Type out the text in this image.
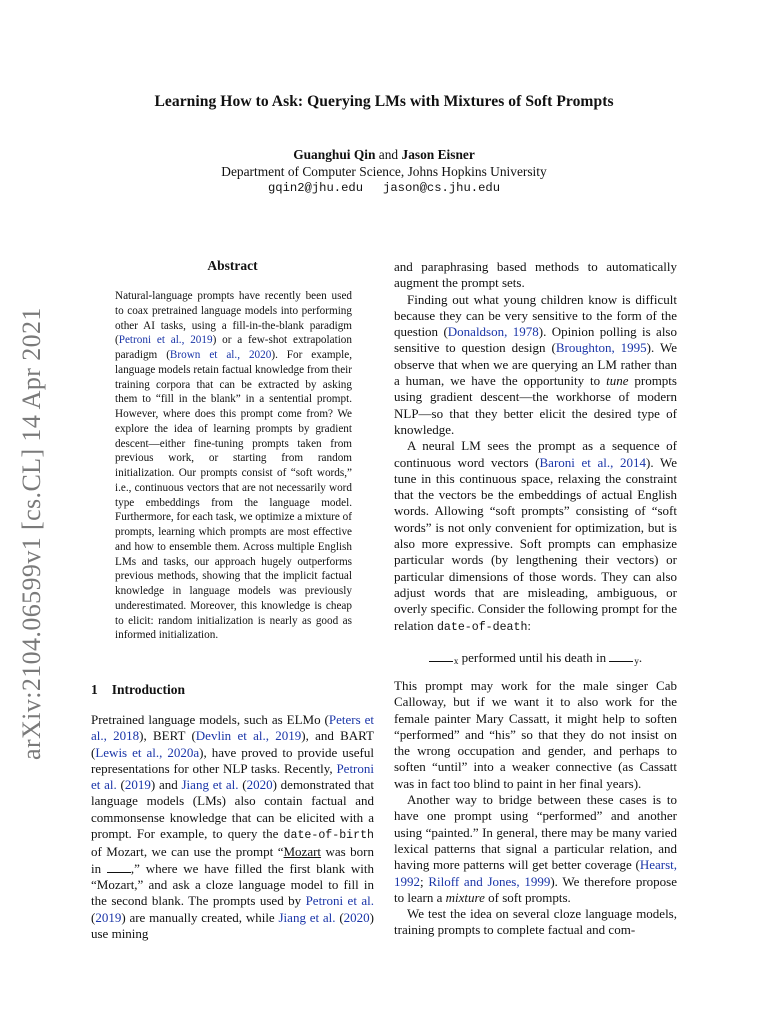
arXiv:2104.06599v1 [cs.CL] 14 Apr 2021
Learning How to Ask: Querying LMs with Mixtures of Soft Prompts
Guanghui Qin and Jason Eisner
Department of Computer Science, Johns Hopkins University
gqin2@jhu.edu jason@cs.jhu.edu
Abstract
Natural-language prompts have recently been used to coax pretrained language models into performing other AI tasks, using a fill-in-the-blank paradigm (Petroni et al., 2019) or a few-shot extrapolation paradigm (Brown et al., 2020). For example, language models retain factual knowledge from their training corpora that can be extracted by asking them to “fill in the blank” in a sentential prompt. However, where does this prompt come from? We explore the idea of learning prompts by gradient descent—either fine-tuning prompts taken from previous work, or starting from random initialization. Our prompts consist of “soft words,” i.e., continuous vectors that are not necessarily word type embeddings from the language model. Furthermore, for each task, we optimize a mixture of prompts, learning which prompts are most effective and how to ensemble them. Across multiple English LMs and tasks, our approach hugely outperforms previous methods, showing that the implicit factual knowledge in language models was previously underestimated. Moreover, this knowledge is cheap to elicit: random initialization is nearly as good as informed initialization.
1 Introduction

Pretrained language models, such as ELMo (Peters et al., 2018), BERT (Devlin et al., 2019), and BART (Lewis et al., 2020a), have proved to provide useful representations for other NLP tasks. Recently, Petroni et al. (2019) and Jiang et al. (2020) demonstrated that language models (LMs) also contain factual and commonsense knowledge that can be elicited with a prompt. For example, to query the date-of-birth of Mozart, we can use the prompt “Mozart was born in ,” where we have filled the first blank with “Mozart,” and ask a cloze language model to fill in the second blank. The prompts used by Petroni et al. (2019) are manually created, while Jiang et al. (2020) use mining

and paraphrasing based methods to automatically augment the prompt sets.

Finding out what young children know is difficult because they can be very sensitive to the form of the question (Donaldson, 1978). Opinion polling is also sensitive to question design (Broughton, 1995). We observe that when we are querying an LM rather than a human, we have the opportunity to tune prompts using gradient descent—the workhorse of modern NLP—so that they better elicit the desired type of knowledge.

A neural LM sees the prompt as a sequence of continuous word vectors (Baroni et al., 2014). We tune in this continuous space, relaxing the constraint that the vectors be the embeddings of actual English words. Allowing “soft prompts” consisting of “soft words” is not only convenient for optimization, but is also more expressive. Soft prompts can emphasize particular words (by lengthening their vectors) or particular dimensions of those words. They can also adjust words that are misleading, ambiguous, or overly specific. Consider the following prompt for the relation date-of-death:

$_x$ performed until his death in	$_y$.

This prompt may work for the male singer Cab Calloway, but if we want it to also work for the female painter Mary Cassatt, it might help to soften “performed” and “his” so that they do not insist on the wrong occupation and gender, and perhaps to soften “until” into a weaker connective (as Cassatt was in fact too blind to paint in her final years).

Another way to bridge between these cases is to have one prompt using “performed” and another using “painted.” In general, there may be many varied lexical patterns that signal a particular relation, and having more patterns will get better coverage (Hearst, 1992; Riloff and Jones, 1999). We therefore propose to learn a mixture of soft prompts.

We test the idea on several cloze language models, training prompts to complete factual and com-
